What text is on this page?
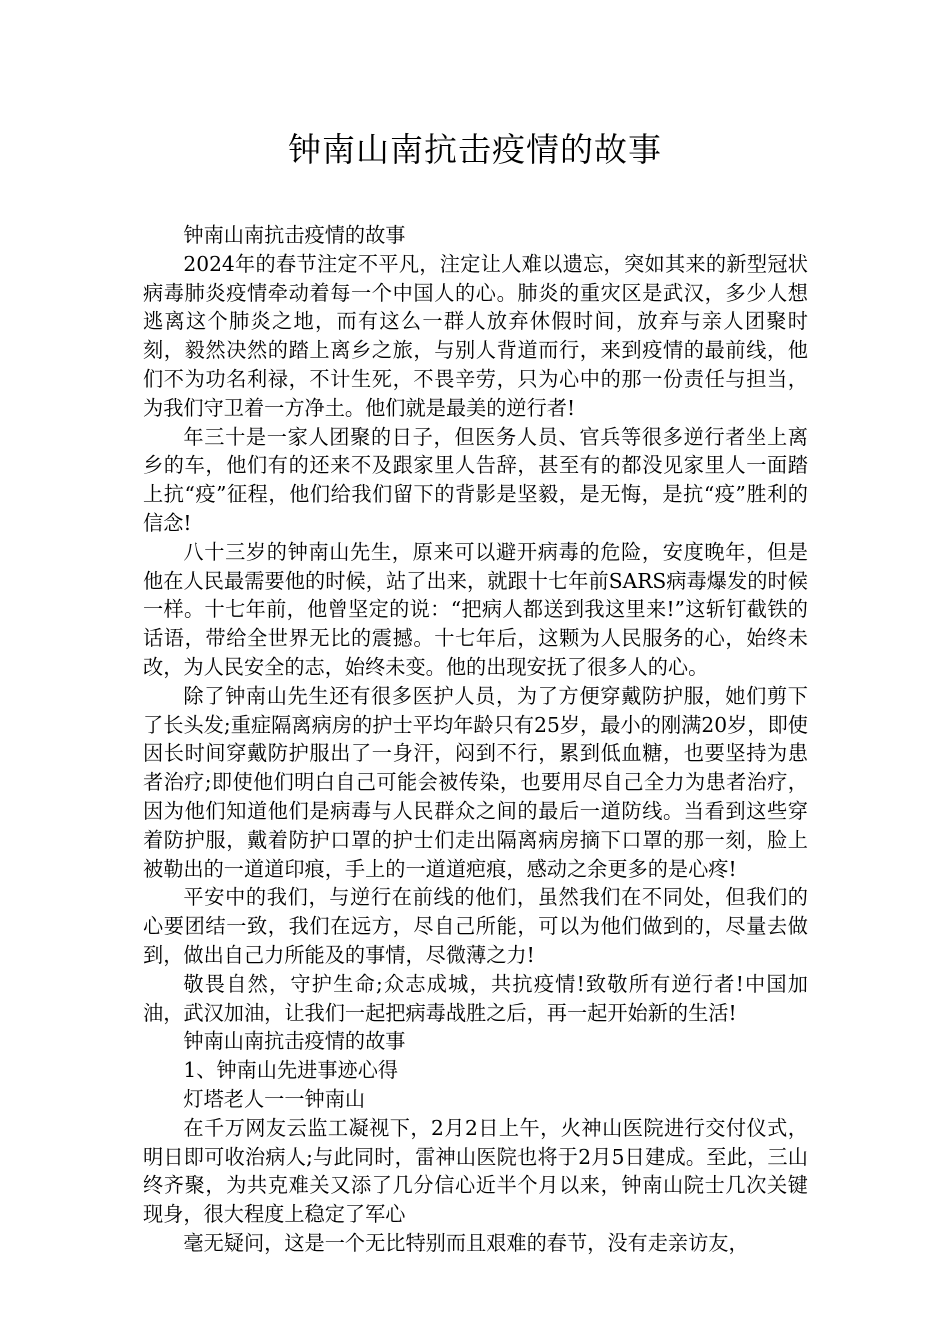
钟南山南抗击疫情的故事

钟南山南抗击疫情的故事

2024年的春节注定不平凡，注定让人难以遗忘，突如其来的新型冠状病毒肺炎疫情牵动着每一个中国人的心。肺炎的重灾区是武汉，多少人想逃离这个肺炎之地，而有这么一群人放弃休假时间，放弃与亲人团聚时刻，毅然决然的踏上离乡之旅，与别人背道而行，来到疫情的最前线，他们不为功名利禄，不计生死，不畏辛劳，只为心中的那一份责任与担当，为我们守卫着一方净土。他们就是最美的逆行者!

年三十是一家人团聚的日子，但医务人员、官兵等很多逆行者坐上离乡的车，他们有的还来不及跟家里人告辞，甚至有的都没见家里人一面踏上抗“疫”征程，他们给我们留下的背影是坚毅，是无悔，是抗“疫”胜利的信念!

八十三岁的钟南山先生，原来可以避开病毒的危险，安度晚年，但是他在人民最需要他的时候，站了出来，就跟十七年前SARS病毒爆发的时候一样。十七年前，他曾坚定的说：“把病人都送到我这里来!”这斩钉截铁的话语，带给全世界无比的震撼。十七年后，这颗为人民服务的心，始终未改，为人民安全的志，始终未变。他的出现安抚了很多人的心。

除了钟南山先生还有很多医护人员，为了方便穿戴防护服，她们剪下了长头发;重症隔离病房的护士平均年龄只有25岁，最小的刚满20岁，即使因长时间穿戴防护服出了一身汗，闷到不行，累到低血糖，也要坚持为患者治疗;即使他们明白自己可能会被传染，也要用尽自己全力为患者治疗，因为他们知道他们是病毒与人民群众之间的最后一道防线。当看到这些穿着防护服，戴着防护口罩的护士们走出隔离病房摘下口罩的那一刻，脸上被勒出的一道道印痕，手上的一道道疤痕，感动之余更多的是心疼!

平安中的我们，与逆行在前线的他们，虽然我们在不同处，但我们的心要团结一致，我们在远方，尽自己所能，可以为他们做到的，尽量去做到，做出自己力所能及的事情，尽微薄之力!

敬畏自然，守护生命;众志成城，共抗疫情!致敬所有逆行者!中国加油，武汉加油，让我们一起把病毒战胜之后，再一起开始新的生活!

钟南山南抗击疫情的故事

1、钟南山先进事迹心得

灯塔老人一一钟南山

在千万网友云监工凝视下，2月2日上午，火神山医院进行交付仪式，明日即可收治病人;与此同时，雷神山医院也将于2月5日建成。至此，三山终齐聚，为共克难关又添了几分信心近半个月以来，钟南山院士几次关键现身，很大程度上稳定了军心

毫无疑问，这是一个无比特别而且艰难的春节，没有走亲访友，
